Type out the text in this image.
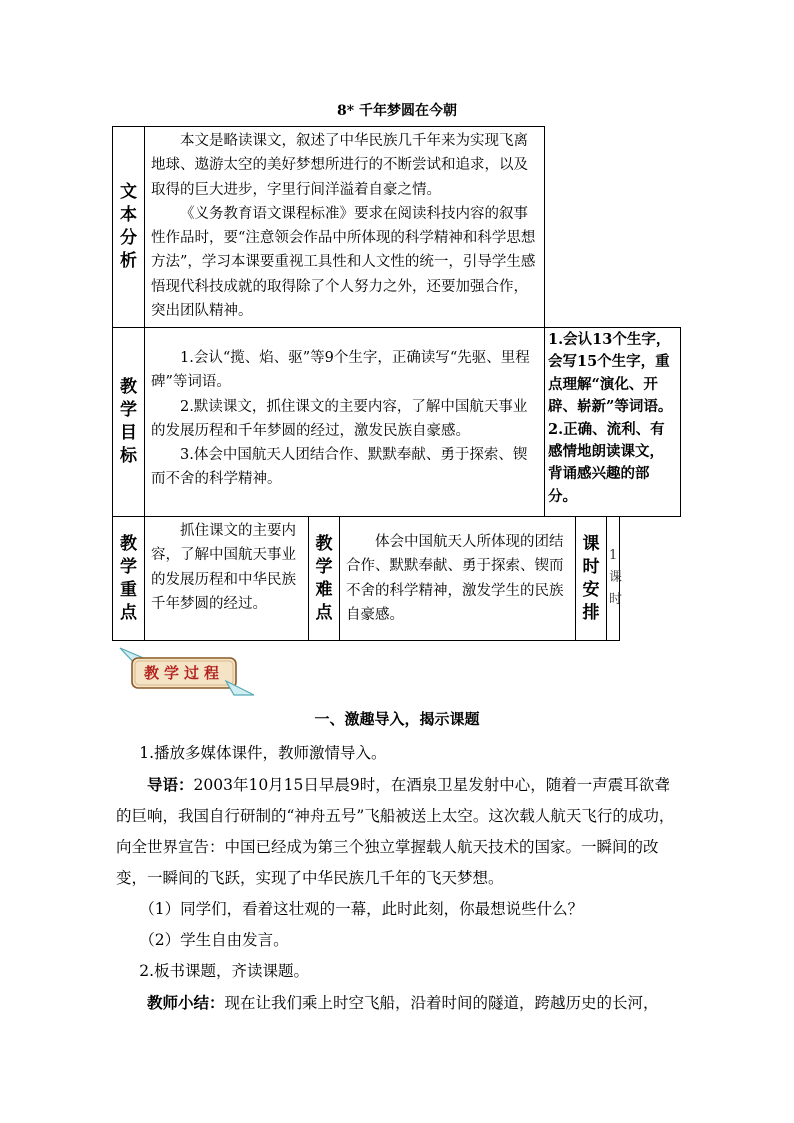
8* 千年梦圆在今朝
文
本
分
析

本文是略读课文，叙述了中华民族几千年来为实现飞离地球、遨游太空的美好梦想所进行的不断尝试和追求，以及取得的巨大进步，字里行间洋溢着自豪之情。

《义务教育语文课程标准》要求在阅读科技内容的叙事性作品时，要“注意领会作品中所体现的科学精神和科学思想方法”，学习本课要重视工具性和人文性的统一，引导学生感悟现代科技成就的取得除了个人努力之外，还要加强合作，突出团队精神。

教
学
目
标

1.会认“揽、焰、驱”等9个生字，正确读写“先驱、里程碑”等词语。

2.默读课文，抓住课文的主要内容，了解中国航天事业的发展历程和千年梦圆的经过，激发民族自豪感。

3.体会中国航天人团结合作、默默奉献、勇于探索、锲而不舍的科学精神。

1.会认13个生字，会写15个生字，重点理解“演化、开辟、崭新”等词语。

2.正确、流利、有感情地朗读课文，背诵感兴趣的部分。

教
学
重
点

抓住课文的主要内容，了解中国航天事业的发展历程和中华民族千年梦圆的经过。

教
学
难
点

体会中国航天人所体现的团结合作、默默奉献、勇于探索、锲而不舍的科学精神，激发学生的民族自豪感。

课
时
安
排
1
课
时
教学过程
一、激趣导入，揭示课题

1.播放多媒体课件，教师激情导入。

导语：2003年10月15日早晨9时，在酒泉卫星发射中心，随着一声震耳欲聋的巨响，我国自行研制的“神舟五号”飞船被送上太空。这次载人航天飞行的成功，向全世界宣告：中国已经成为第三个独立掌握载人航天技术的国家。一瞬间的改变，一瞬间的飞跃，实现了中华民族几千年的飞天梦想。

（1）同学们，看着这壮观的一幕，此时此刻，你最想说些什么？

（2）学生自由发言。

2.板书课题，齐读课题。

教师小结：现在让我们乘上时空飞船，沿着时间的隧道，跨越历史的长河，
